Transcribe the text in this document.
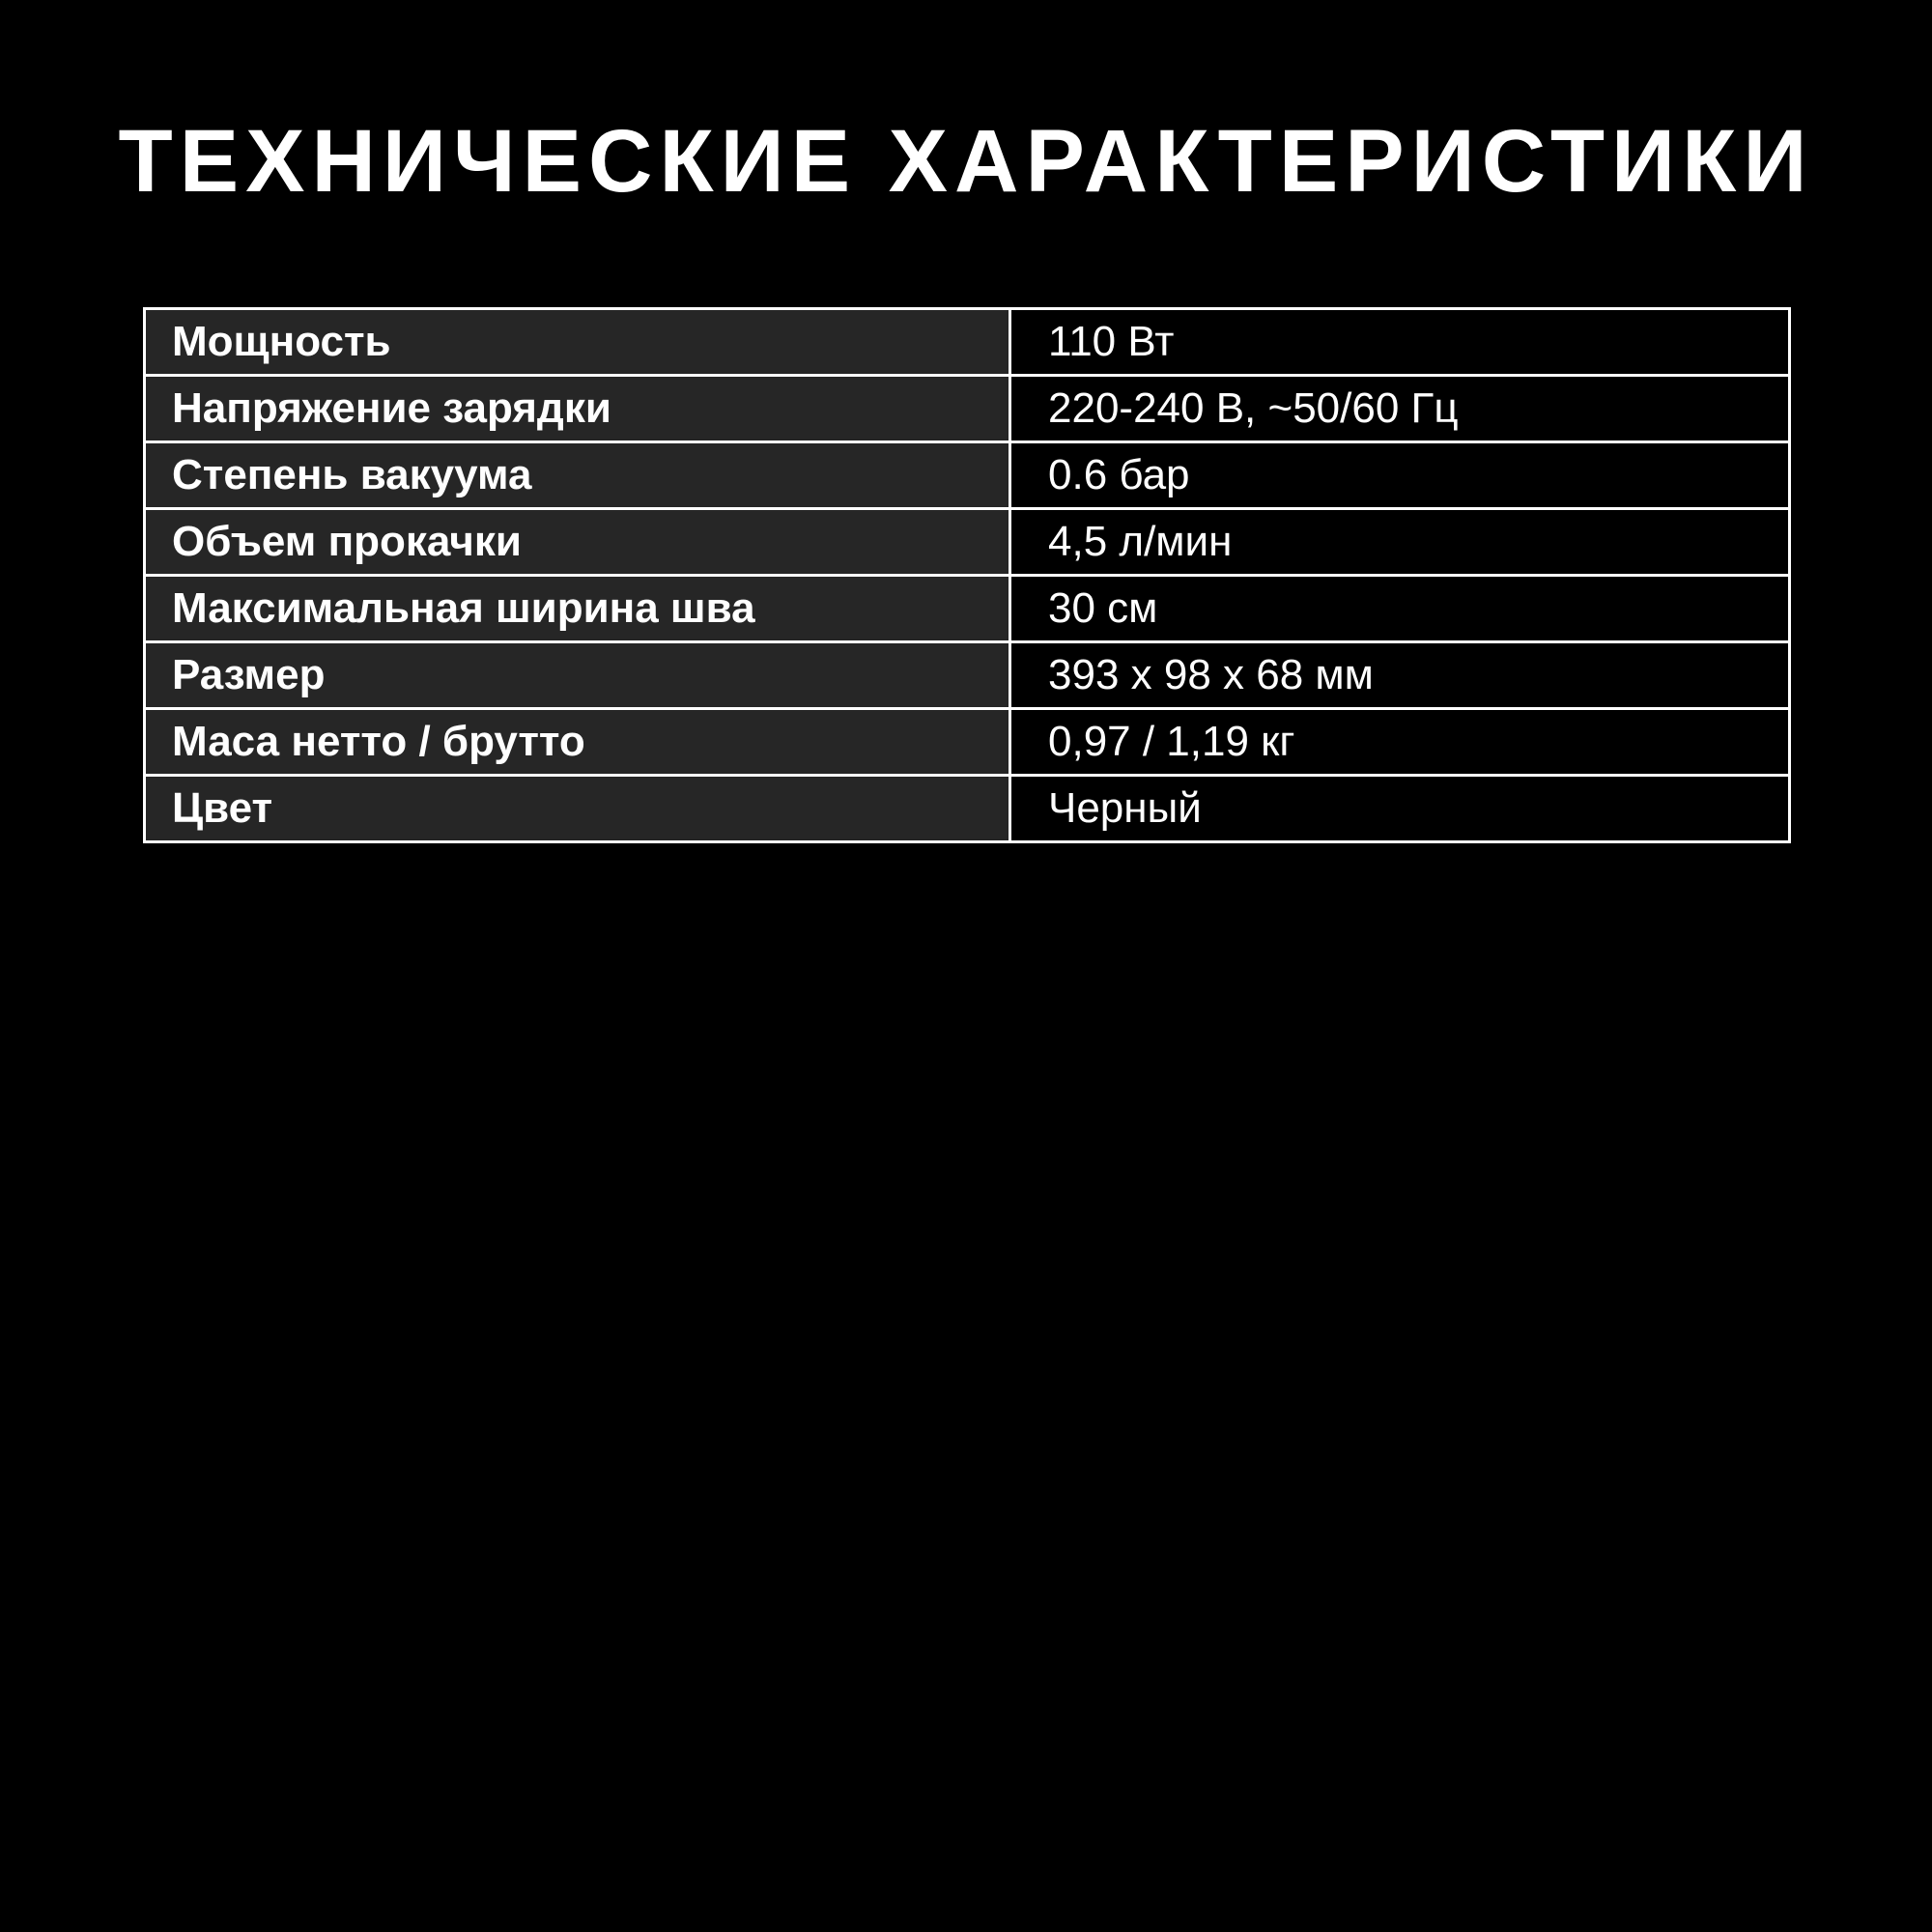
ТЕХНИЧЕСКИЕ ХАРАКТЕРИСТИКИ
Мощность	110 Вт
Напряжение зарядки	220-240 В, ~50/60 Гц
Степень вакуума	0.6 бар
Объем прокачки	4,5 л/мин
Максимальная ширина шва	30 см
Размер	393 х 98 х 68 мм
Маса нетто / брутто	0,97 / 1,19 кг
Цвет	Черный
